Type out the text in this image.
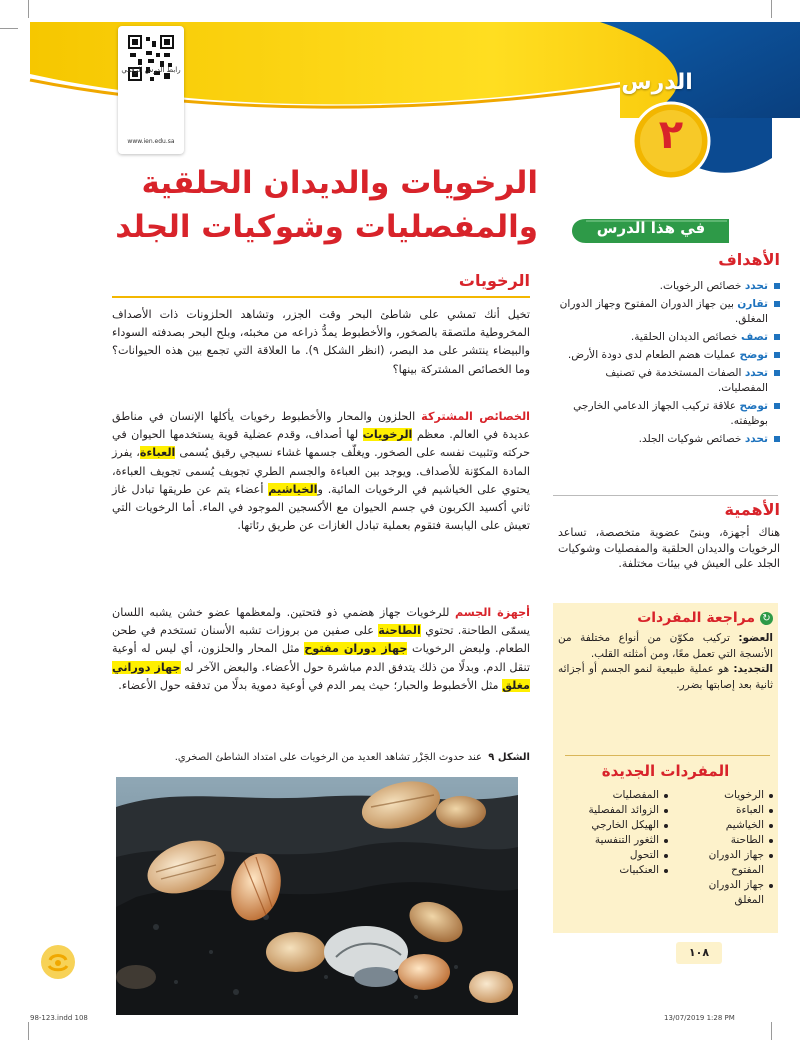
رابط الدرس الرقمي
www.ien.edu.sa
الدرس
٢
الرخويات والديدان الحلقية
والمفصليات وشوكيات الجلد	في هذا الدرس
الأهداف
تحدد خصائص الرخويات.
تقارن بين جهاز الدوران المفتوح وجهاز الدوران المغلق.
تصف خصائص الديدان الحلقية.
توضح عمليات هضم الطعام لدى دودة الأرض.
تحدد الصفات المستخدمة في تصنيف المفصليات.
توضح علاقة تركيب الجهاز الدعامي الخارجي بوظيفته.
تحدد خصائص شوكيات الجلد.
الأهمية
هناك أجهزة، وبنىً عضوية متخصصة، تساعد الرخويات والديدان الحلقية والمفصليات وشوكيات الجلد على العيش في بيئات مختلفة.
↻
مراجعة المفردات
العضو: تركيب مكوّن من أنواع مختلفة من الأنسجة التي تعمل معًا، ومن أمثلته القلب.
التجديد: هو عملية طبيعية لنمو الجسم أو أجزائه ثانية بعد إصابتها بضرر.
المفردات الجديدة
الرخويات
العباءة
الخياشيم
الطاحنة
جهاز الدوران المفتوح
جهاز الدوران المغلق
المفصليات
الزوائد المفصلية
الهيكل الخارجي
الثغور التنفسية
التحول
العنكبيات
١٠٨
الرخويات
تخيل أنك تمشي على شاطئ البحر وقت الجزر، وتشاهد الحلزونات ذات الأصداف المخروطية ملتصقة بالصخور، والأخطبوط يمدُّ ذراعه من مخبئه، وبلح البحر بصدفته السوداء والبيضاء ينتشر على مد البصر، (انظر الشكل ٩). ما العلاقة التي تجمع بين هذه الحيوانات؟ وما الخصائص المشتركة بينها؟
الخصائص المشتركة الحلزون والمحار والأخطبوط رخويات يأكلها الإنسان في مناطق عديدة في العالم. معظم الرخويات لها أصداف، وقدم عضلية قوية يستخدمها الحيوان في حركته وتثبيت نفسه على الصخور. ويغلّف جسمها غشاء نسيجي رقيق يُسمى العباءة، يفرز المادة المكوّنة للأصداف. ويوجد بين العباءة والجسم الطري تجويف يُسمى تجويف العباءة، يحتوي على الخياشيم في الرخويات المائية. والخياشيم أعضاء يتم عن طريقها تبادل غاز ثاني أكسيد الكربون في جسم الحيوان مع الأكسجين الموجود في الماء. أما الرخويات التي تعيش على اليابسة فتقوم بعملية تبادل الغازات عن طريق رئاتها.
أجهزة الجسم للرخويات جهاز هضمي ذو فتحتين. ولمعظمها عضو خشن يشبه اللسان يسمّى الطاحنة. تحتوي الطاحنة على صفين من بروزات تشبه الأسنان تستخدم في طحن الطعام. ولبعض الرخويات جهاز دوران مفتوح مثل المحار والحلزون، أي ليس له أوعية تنقل الدم. وبدلًا من ذلك يتدفق الدم مباشرة حول الأعضاء. والبعض الآخر له جهاز دوراني مغلق مثل الأخطبوط والحبار؛ حيث يمر الدم في أوعية دموية بدلًا من تدفقه حول الأعضاء.
الشكل ٩  عند حدوث الجَزْر تشاهد العديد من الرخويات على امتداد الشاطئ الصخري.
98-123.indd 108	13/07/2019 1:28 PM
